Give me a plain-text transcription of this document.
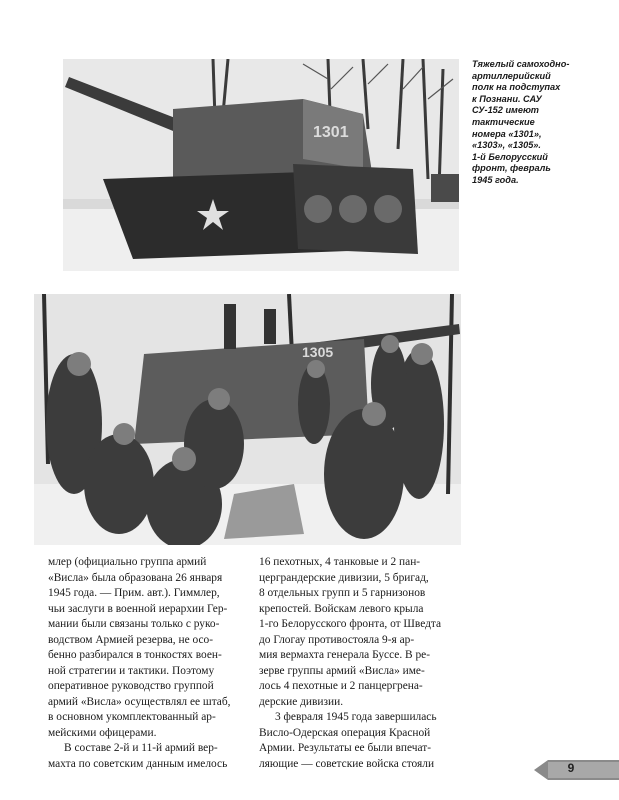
1301
Тяжелый самоходно-
артиллерийский
полк на подступах
к Познани. САУ
СУ-152 имеют
тактические
номера «1301»,
«1303», «1305».
1-й Белорусский
фронт, февраль
1945 года.
1305
млер (официально группа армий
«Висла» была образована 26 января
1945 года. — Прим. авт.). Гиммлер,
чьи заслуги в военной иерархии Гер-
мании были связаны только с руко-
водством Армией резерва, не осо-
бенно разбирался в тонкостях воен-
ной стратегии и тактики. Поэтому
оперативное руководство группой
армий «Висла» осуществлял ее штаб,
в основном укомплектованный ар-
мейскими офицерами.
В составе 2-й и 11-й армий вер-
махта по советским данным имелось
16 пехотных, 4 танковые и 2 пан-
церграндерские дивизии, 5 бригад,
8 отдельных групп и 5 гарнизонов
крепостей. Войскам левого крыла
1-го Белорусского фронта, от Шведта
до Глогау противостояла 9-я ар-
мия вермахта генерала Буссе. В ре-
зерве группы армий «Висла» име-
лось 4 пехотные и 2 панцергрена-
дерские дивизии.
3 февраля 1945 года завершилась
Висло-Одерская операция Красной
Армии. Результаты ее были впечат-
ляющие — советские войска стояли	9
